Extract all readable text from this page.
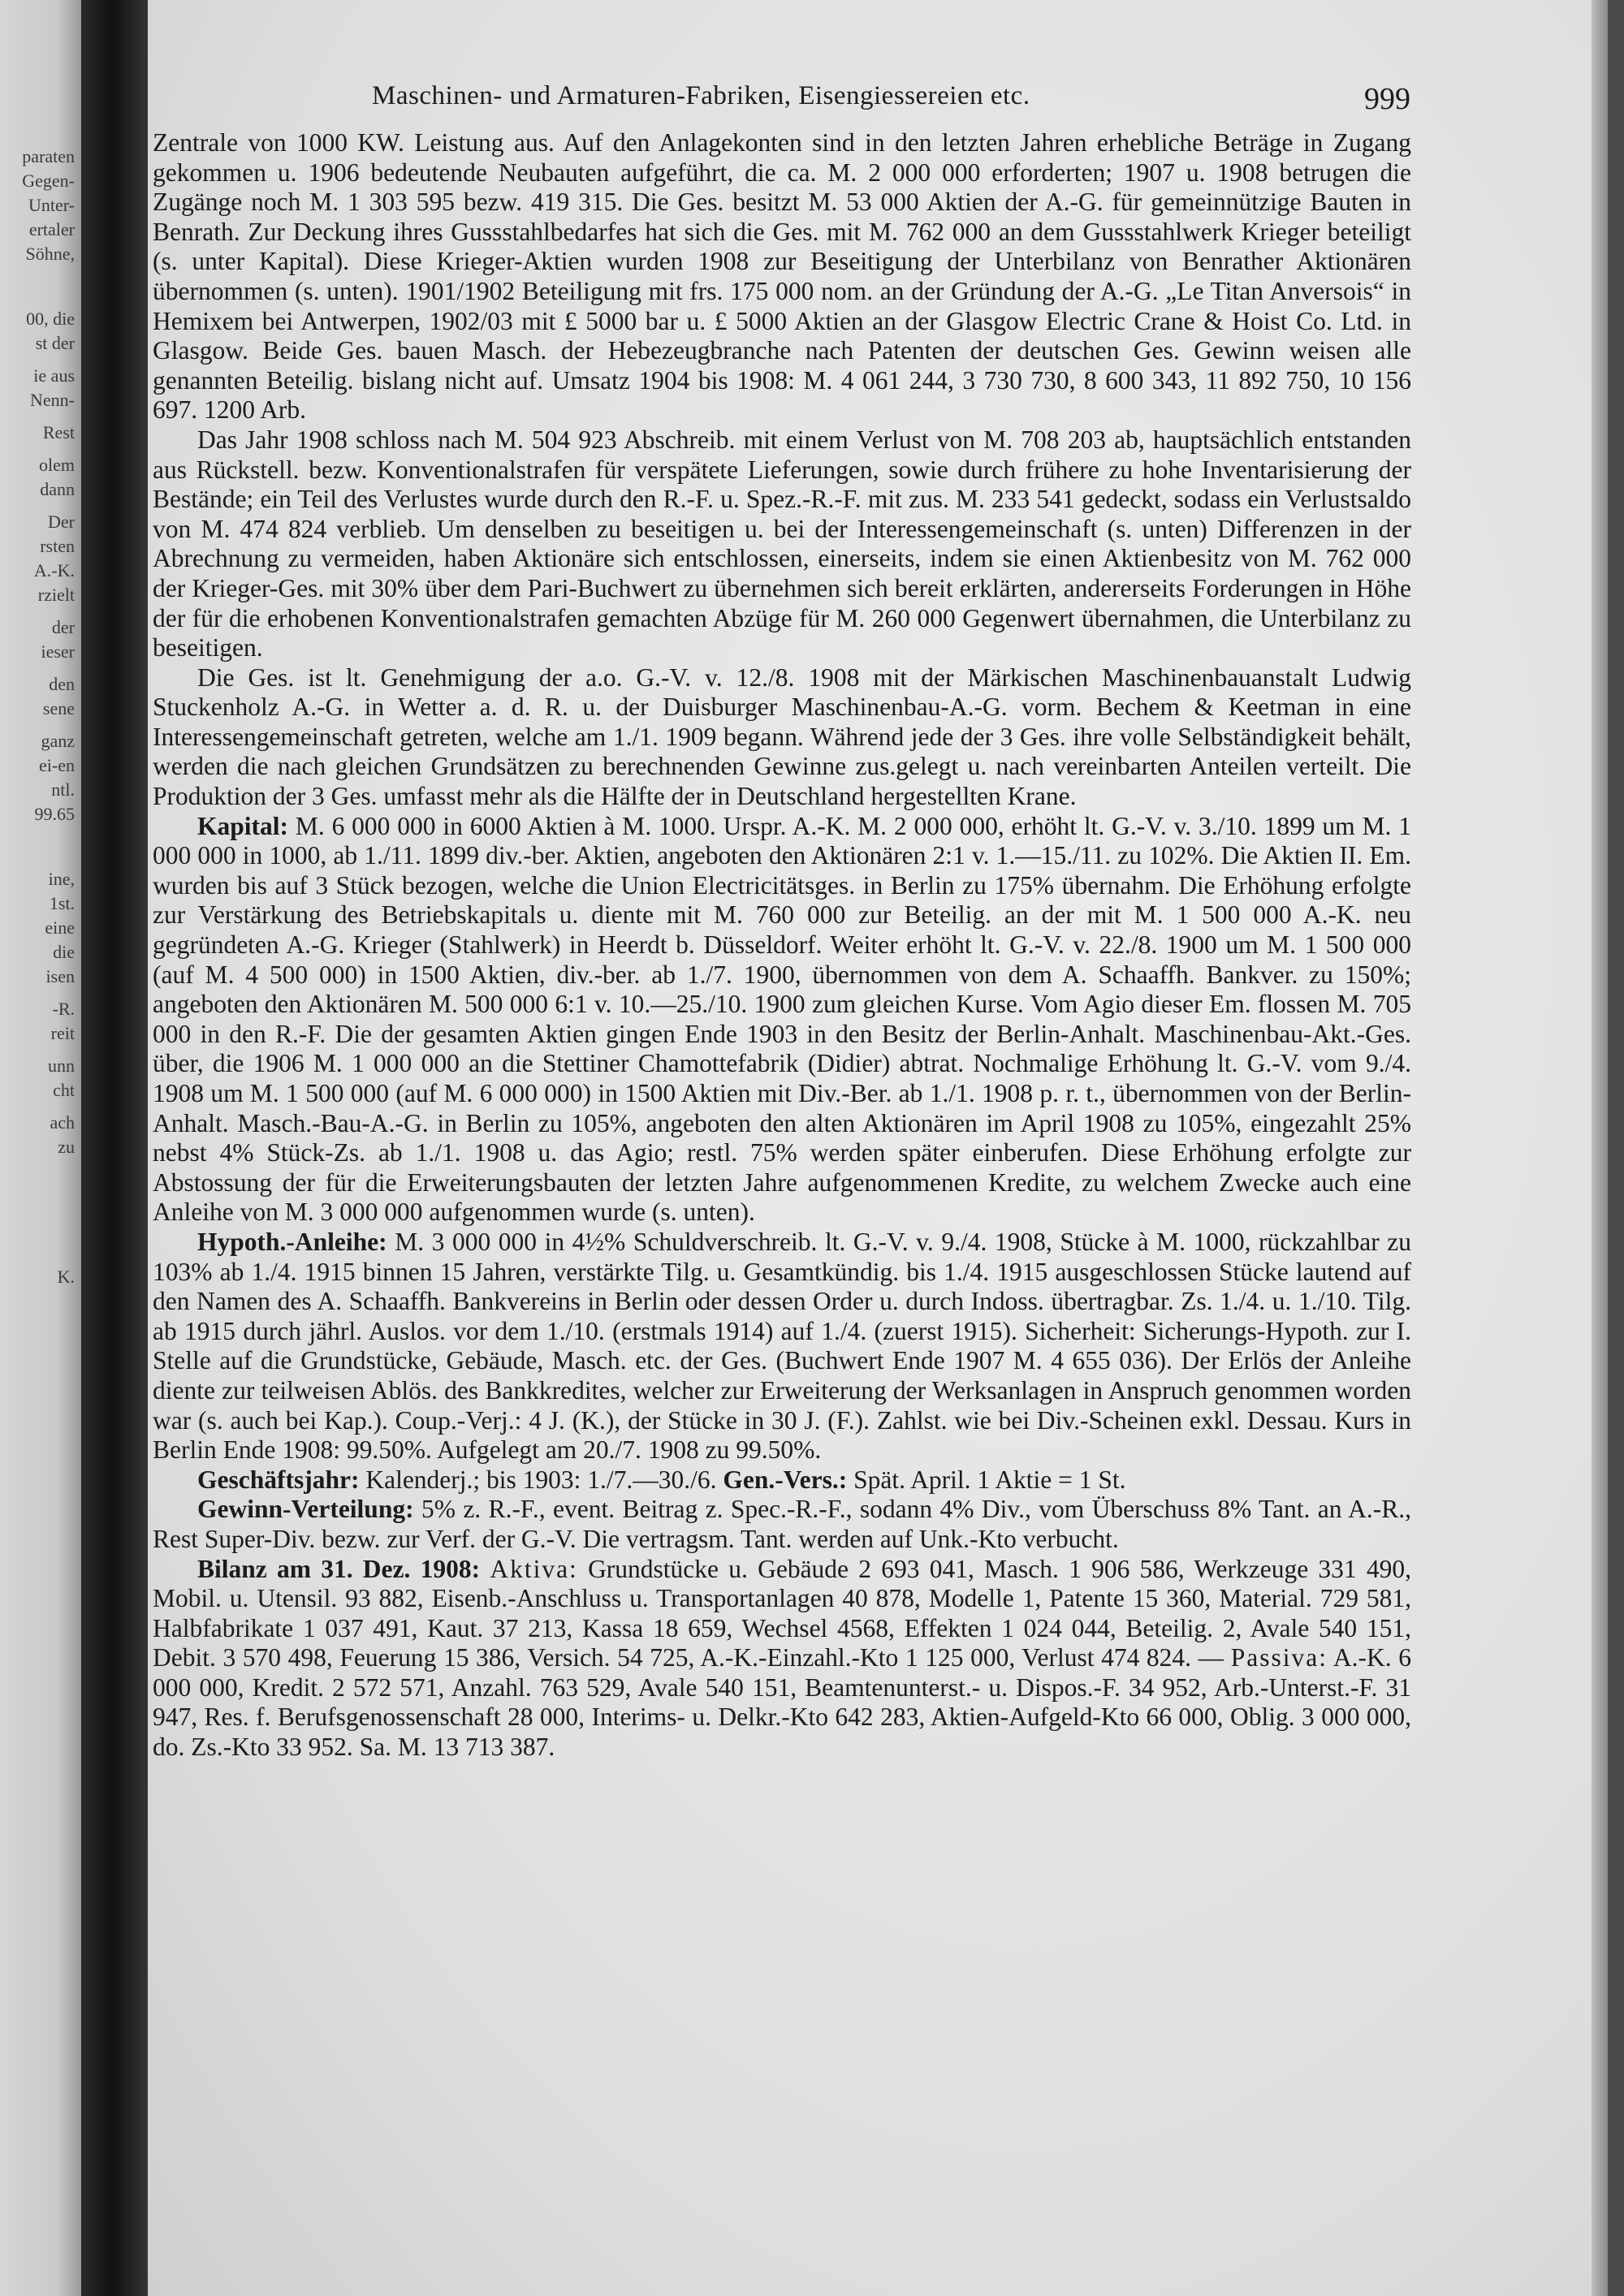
paraten
Gegen-
Unter-
ertaler
Söhne,
00, die
st der
ie aus
Nenn-
Rest
olem
dann
Der
rsten
A.-K.
rzielt
der
ieser
den
sene
ganz
ei-en
ntl.
99.65
ine,
1st.
eine
die
isen
-R.
reit
unn
cht
ach
zu
K.
Maschinen- und Armaturen-Fabriken, Eisengiessereien etc.	999

Zentrale von 1000 KW. Leistung aus. Auf den Anlagekonten sind in den letzten Jahren erhebliche Beträge in Zugang gekommen u. 1906 bedeutende Neubauten aufgeführt, die ca. M. 2 000 000 erforderten; 1907 u. 1908 betrugen die Zugänge noch M. 1 303 595 bezw. 419 315. Die Ges. besitzt M. 53 000 Aktien der A.-G. für gemeinnützige Bauten in Benrath. Zur Deckung ihres Gussstahlbedarfes hat sich die Ges. mit M. 762 000 an dem Gussstahlwerk Krieger beteiligt (s. unter Kapital). Diese Krieger-Aktien wurden 1908 zur Beseitigung der Unterbilanz von Benrather Aktionären übernommen (s. unten). 1901/1902 Beteiligung mit frs. 175 000 nom. an der Gründung der A.-G. „Le Titan Anversois“ in Hemixem bei Antwerpen, 1902/03 mit £ 5000 bar u. £ 5000 Aktien an der Glasgow Electric Crane & Hoist Co. Ltd. in Glasgow. Beide Ges. bauen Masch. der Hebezeugbranche nach Patenten der deutschen Ges. Gewinn weisen alle genannten Beteilig. bislang nicht auf. Umsatz 1904 bis 1908: M. 4 061 244, 3 730 730, 8 600 343, 11 892 750, 10 156 697. 1200 Arb.

Das Jahr 1908 schloss nach M. 504 923 Abschreib. mit einem Verlust von M. 708 203 ab, hauptsächlich entstanden aus Rückstell. bezw. Konventionalstrafen für verspätete Lieferungen, sowie durch frühere zu hohe Inventarisierung der Bestände; ein Teil des Verlustes wurde durch den R.-F. u. Spez.-R.-F. mit zus. M. 233 541 gedeckt, sodass ein Verlustsaldo von M. 474 824 verblieb. Um denselben zu beseitigen u. bei der Interessengemeinschaft (s. unten) Differenzen in der Abrechnung zu vermeiden, haben Aktionäre sich entschlossen, einerseits, indem sie einen Aktienbesitz von M. 762 000 der Krieger-Ges. mit 30% über dem Pari-Buchwert zu übernehmen sich bereit erklärten, andererseits Forderungen in Höhe der für die erhobenen Konventionalstrafen gemachten Abzüge für M. 260 000 Gegenwert übernahmen, die Unterbilanz zu beseitigen.

Die Ges. ist lt. Genehmigung der a.o. G.-V. v. 12./8. 1908 mit der Märkischen Maschinenbauanstalt Ludwig Stuckenholz A.-G. in Wetter a. d. R. u. der Duisburger Maschinenbau-A.-G. vorm. Bechem & Keetman in eine Interessengemeinschaft getreten, welche am 1./1. 1909 begann. Während jede der 3 Ges. ihre volle Selbständigkeit behält, werden die nach gleichen Grundsätzen zu berechnenden Gewinne zus.gelegt u. nach vereinbarten Anteilen verteilt. Die Produktion der 3 Ges. umfasst mehr als die Hälfte der in Deutschland hergestellten Krane.

Kapital: M. 6 000 000 in 6000 Aktien à M. 1000. Urspr. A.-K. M. 2 000 000, erhöht lt. G.-V. v. 3./10. 1899 um M. 1 000 000 in 1000, ab 1./11. 1899 div.-ber. Aktien, angeboten den Aktionären 2:1 v. 1.—15./11. zu 102%. Die Aktien II. Em. wurden bis auf 3 Stück bezogen, welche die Union Electricitätsges. in Berlin zu 175% übernahm. Die Erhöhung erfolgte zur Verstärkung des Betriebskapitals u. diente mit M. 760 000 zur Beteilig. an der mit M. 1 500 000 A.-K. neu gegründeten A.-G. Krieger (Stahlwerk) in Heerdt b. Düsseldorf. Weiter erhöht lt. G.-V. v. 22./8. 1900 um M. 1 500 000 (auf M. 4 500 000) in 1500 Aktien, div.-ber. ab 1./7. 1900, übernommen von dem A. Schaaffh. Bankver. zu 150%; angeboten den Aktionären M. 500 000 6:1 v. 10.—25./10. 1900 zum gleichen Kurse. Vom Agio dieser Em. flossen M. 705 000 in den R.-F. Die der gesamten Aktien gingen Ende 1903 in den Besitz der Berlin-Anhalt. Maschinenbau-Akt.-Ges. über, die 1906 M. 1 000 000 an die Stettiner Chamottefabrik (Didier) abtrat. Nochmalige Erhöhung lt. G.-V. vom 9./4. 1908 um M. 1 500 000 (auf M. 6 000 000) in 1500 Aktien mit Div.-Ber. ab 1./1. 1908 p. r. t., übernommen von der Berlin-Anhalt. Masch.-Bau-A.-G. in Berlin zu 105%, angeboten den alten Aktionären im April 1908 zu 105%, eingezahlt 25% nebst 4% Stück-Zs. ab 1./1. 1908 u. das Agio; restl. 75% werden später einberufen. Diese Erhöhung erfolgte zur Abstossung der für die Erweiterungsbauten der letzten Jahre aufgenommenen Kredite, zu welchem Zwecke auch eine Anleihe von M. 3 000 000 aufgenommen wurde (s. unten).

Hypoth.-Anleihe: M. 3 000 000 in 4½% Schuldverschreib. lt. G.-V. v. 9./4. 1908, Stücke à M. 1000, rückzahlbar zu 103% ab 1./4. 1915 binnen 15 Jahren, verstärkte Tilg. u. Gesamtkündig. bis 1./4. 1915 ausgeschlossen Stücke lautend auf den Namen des A. Schaaffh. Bankvereins in Berlin oder dessen Order u. durch Indoss. übertragbar. Zs. 1./4. u. 1./10. Tilg. ab 1915 durch jährl. Auslos. vor dem 1./10. (erstmals 1914) auf 1./4. (zuerst 1915). Sicherheit: Sicherungs-Hypoth. zur I. Stelle auf die Grundstücke, Gebäude, Masch. etc. der Ges. (Buchwert Ende 1907 M. 4 655 036). Der Erlös der Anleihe diente zur teilweisen Ablös. des Bankkredites, welcher zur Erweiterung der Werksanlagen in Anspruch genommen worden war (s. auch bei Kap.). Coup.-Verj.: 4 J. (K.), der Stücke in 30 J. (F.). Zahlst. wie bei Div.-Scheinen exkl. Dessau. Kurs in Berlin Ende 1908: 99.50%. Aufgelegt am 20./7. 1908 zu 99.50%.

Geschäftsjahr: Kalenderj.; bis 1903: 1./7.—30./6. Gen.-Vers.: Spät. April. 1 Aktie = 1 St.

Gewinn-Verteilung: 5% z. R.-F., event. Beitrag z. Spec.-R.-F., sodann 4% Div., vom Überschuss 8% Tant. an A.-R., Rest Super-Div. bezw. zur Verf. der G.-V. Die vertragsm. Tant. werden auf Unk.-Kto verbucht.

Bilanz am 31. Dez. 1908: Aktiva: Grundstücke u. Gebäude 2 693 041, Masch. 1 906 586, Werkzeuge 331 490, Mobil. u. Utensil. 93 882, Eisenb.-Anschluss u. Transportanlagen 40 878, Modelle 1, Patente 15 360, Material. 729 581, Halbfabrikate 1 037 491, Kaut. 37 213, Kassa 18 659, Wechsel 4568, Effekten 1 024 044, Beteilig. 2, Avale 540 151, Debit. 3 570 498, Feuerung 15 386, Versich. 54 725, A.-K.-Einzahl.-Kto 1 125 000, Verlust 474 824. — Passiva: A.-K. 6 000 000, Kredit. 2 572 571, Anzahl. 763 529, Avale 540 151, Beamtenunterst.- u. Dispos.-F. 34 952, Arb.-Unterst.-F. 31 947, Res. f. Berufsgenossenschaft 28 000, Interims- u. Delkr.-Kto 642 283, Aktien-Aufgeld-Kto 66 000, Oblig. 3 000 000, do. Zs.-Kto 33 952. Sa. M. 13 713 387.
